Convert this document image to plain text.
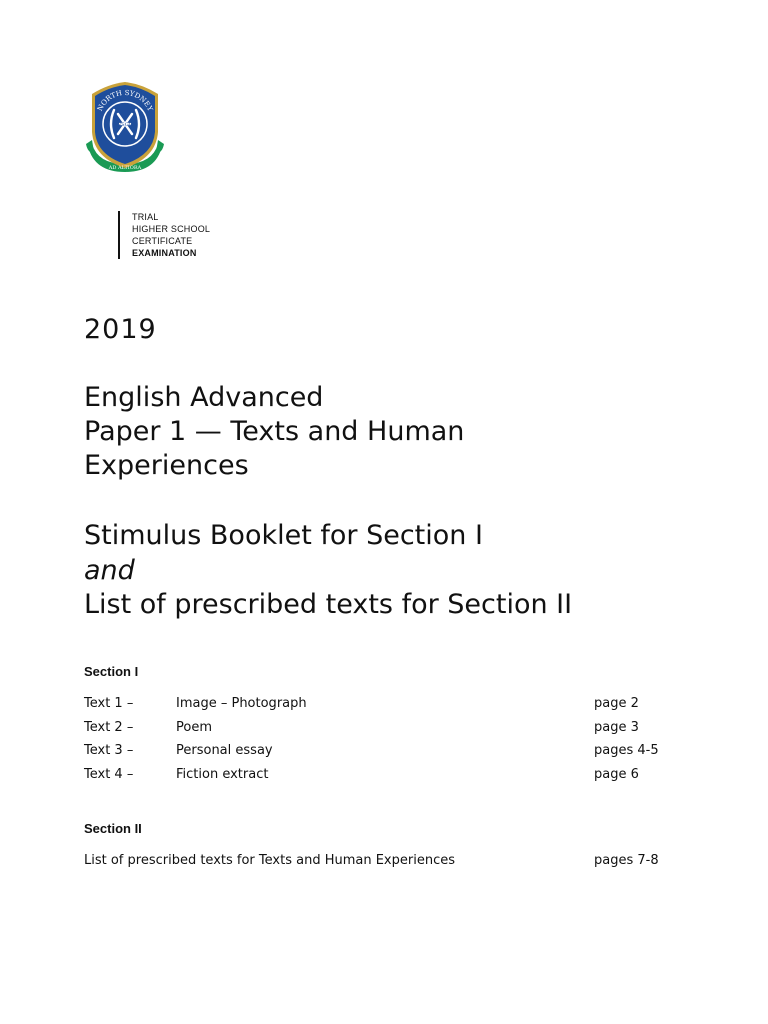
NORTH SYDNEY
NSGH
AD ALTIORA
TRIAL
HIGHER SCHOOL
CERTIFICATE
EXAMINATION
2019
English Advanced
Paper 1 — Texts and Human
Experiences
Stimulus Booklet for Section I
and
List of prescribed texts for Section II
Section I
Text 1 –	Image – Photograph	page 2
Text 2 –	Poem	page 3
Text 3 –	Personal essay	pages 4-5
Text 4 –	Fiction extract	page 6
Section II
List of prescribed texts for Texts and Human Experiences	pages 7-8
